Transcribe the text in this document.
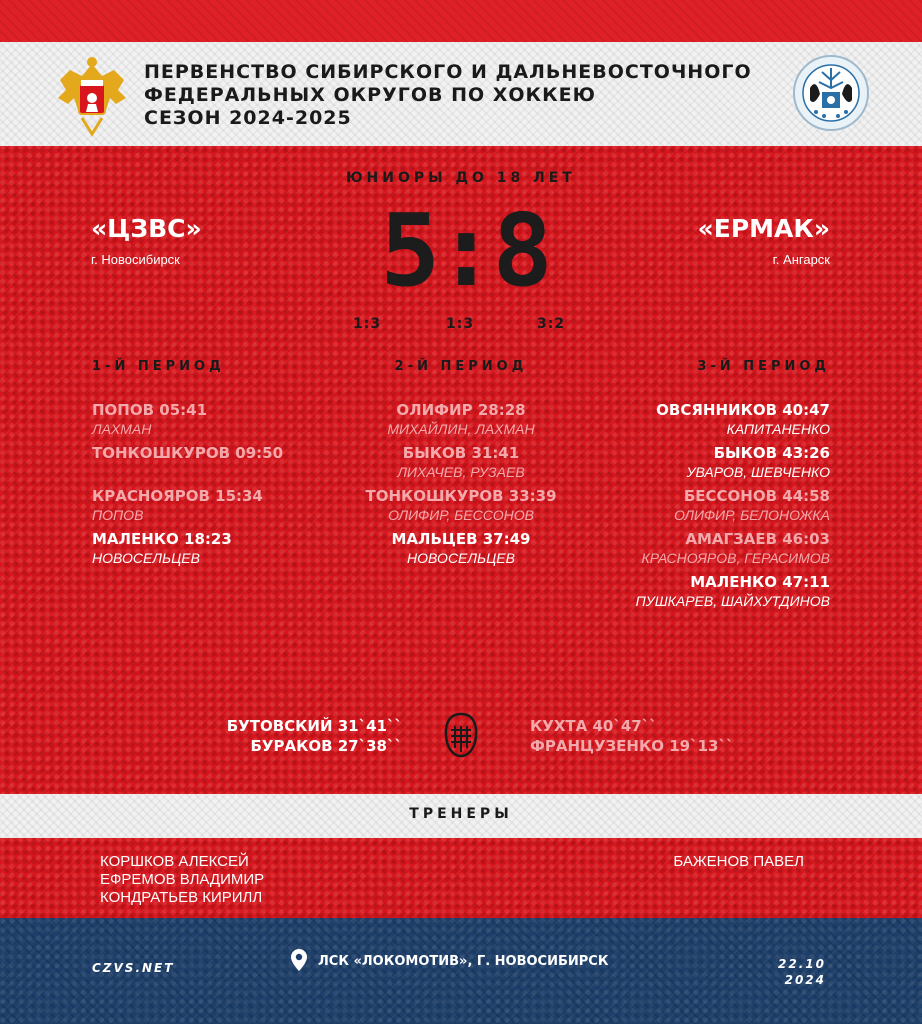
ПЕРВЕНСТВО СИБИРСКОГО И ДАЛЬНЕВОСТОЧНОГО
ФЕДЕРАЛЬНЫХ ОКРУГОВ ПО ХОККЕЮ
СЕЗОН 2024-2025
ЮНИОРЫ ДО 18 ЛЕТ
«ЦЗВС»
г. Новосибирск
«ЕРМАК»
г. Ангарск
5:8
1:3	1:3	3:2
1-Й ПЕРИОД	2-Й ПЕРИОД	3-Й ПЕРИОД
ПОПОВ 05:41
ЛАХМАН
ТОНКОШКУРОВ 09:50
КРАСНОЯРОВ 15:34
ПОПОВ
МАЛЕНКО 18:23
НОВОСЕЛЬЦЕВ
ОЛИФИР 28:28
МИХАЙЛИН, ЛАХМАН
БЫКОВ 31:41
ЛИХАЧЕВ, РУЗАЕВ
ТОНКОШКУРОВ 33:39
ОЛИФИР, БЕССОНОВ
МАЛЬЦЕВ 37:49
НОВОСЕЛЬЦЕВ
ОВСЯННИКОВ 40:47
КАПИТАНЕНКО
БЫКОВ 43:26
УВАРОВ, ШЕВЧЕНКО
БЕССОНОВ 44:58
ОЛИФИР, БЕЛОНОЖКА
АМАГЗАЕВ 46:03
КРАСНОЯРОВ, ГЕРАСИМОВ
МАЛЕНКО 47:11
ПУШКАРЕВ, ШАЙХУТДИНОВ
БУТОВСКИЙ 31`41``
БУРАКОВ 27`38``
КУХТА 40`47``
ФРАНЦУЗЕНКО 19`13``
ТРЕНЕРЫ
КОРШКОВ АЛЕКСЕЙ
ЕФРЕМОВ ВЛАДИМИР
КОНДРАТЬЕВ КИРИЛЛ
БАЖЕНОВ ПАВЕЛ
CZVS.NET	ЛСК «ЛОКОМОТИВ», Г. НОВОСИБИРСК	22.10
2024
